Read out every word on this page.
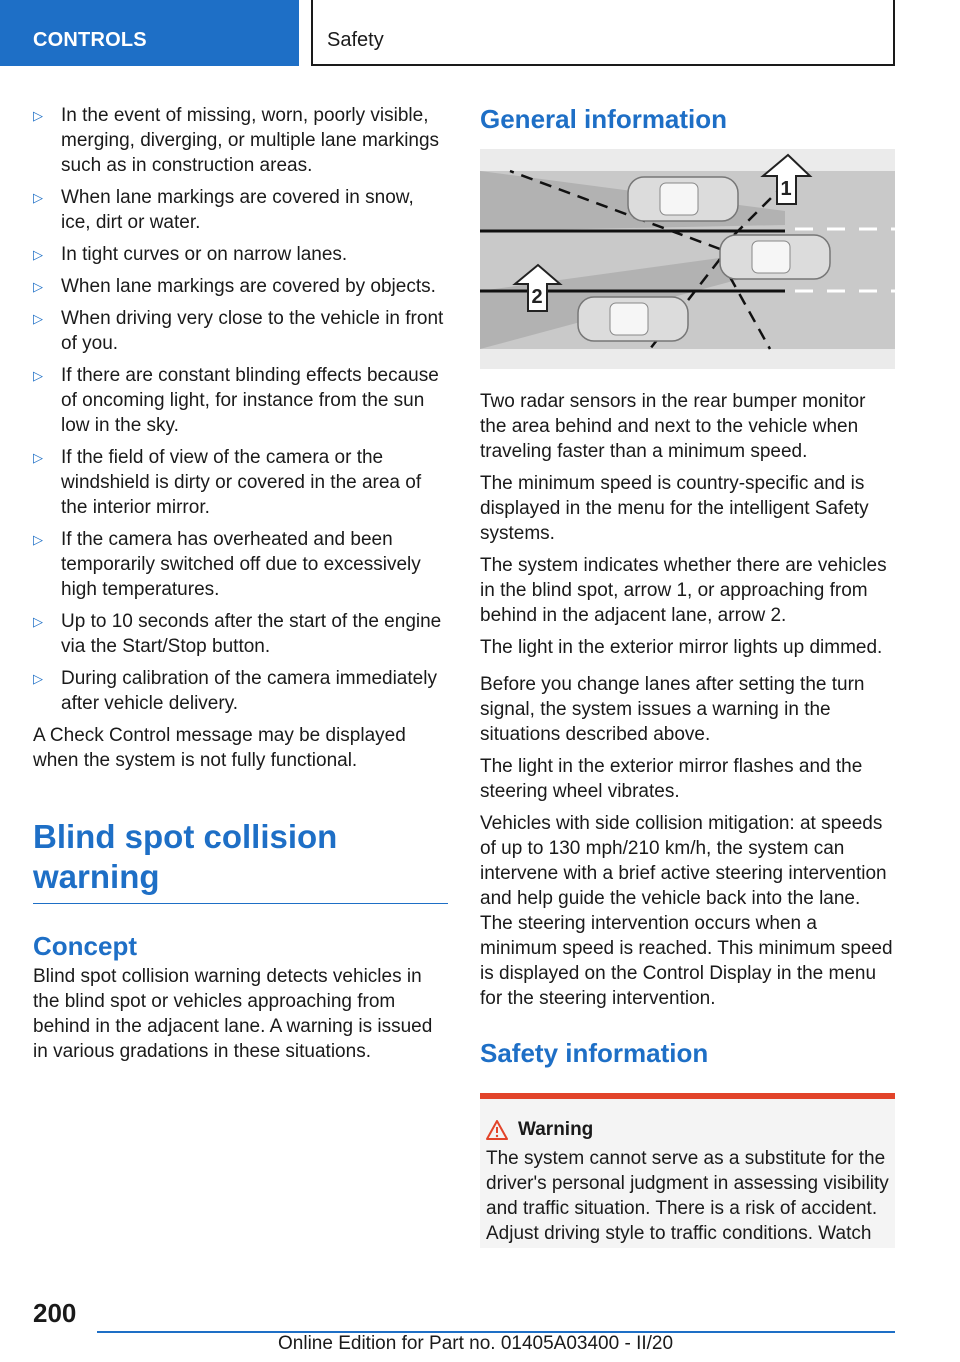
CONTROLS	Safety
▷ In the event of missing, worn, poorly visible, merging, diverging, or multiple lane markings such as in construction areas.
▷ When lane markings are covered in snow, ice, dirt or water.
▷ In tight curves or on narrow lanes.
▷ When lane markings are covered by objects.
▷ When driving very close to the vehicle in front of you.
▷ If there are constant blinding effects because of oncoming light, for instance from the sun low in the sky.
▷ If the field of view of the camera or the windshield is dirty or covered in the area of the interior mirror.
▷ If the camera has overheated and been temporarily switched off due to excessively high temperatures.
▷ Up to 10 seconds after the start of the engine via the Start/Stop button.
▷ During calibration of the camera immediately after vehicle delivery.

A Check Control message may be displayed when the system is not fully functional.

Blind spot collision warning
Concept

Blind spot collision warning detects vehicles in the blind spot or vehicles approaching from behind in the adjacent lane. A warning is issued in various gradations in these situations.

General information
1
2

Two radar sensors in the rear bumper monitor the area behind and next to the vehicle when traveling faster than a minimum speed.

The minimum speed is country-specific and is displayed in the menu for the intelligent Safety systems.

The system indicates whether there are vehicles in the blind spot, arrow 1, or approaching from behind in the adjacent lane, arrow 2.

The light in the exterior mirror lights up dimmed.

Before you change lanes after setting the turn signal, the system issues a warning in the situations described above.

The light in the exterior mirror flashes and the steering wheel vibrates.

Vehicles with side collision mitigation: at speeds of up to 130 mph/210 km/h, the system can intervene with a brief active steering intervention and help guide the vehicle back into the lane. The steering intervention occurs when a minimum speed is reached. This minimum speed is displayed on the Control Display in the menu for the steering intervention.

Safety information
Warning

The system cannot serve as a substitute for the driver's personal judgment in assessing visibility and traffic situation. There is a risk of accident. Adjust driving style to traffic conditions. Watch

200
Online Edition for Part no. 01405A03400 - II/20
